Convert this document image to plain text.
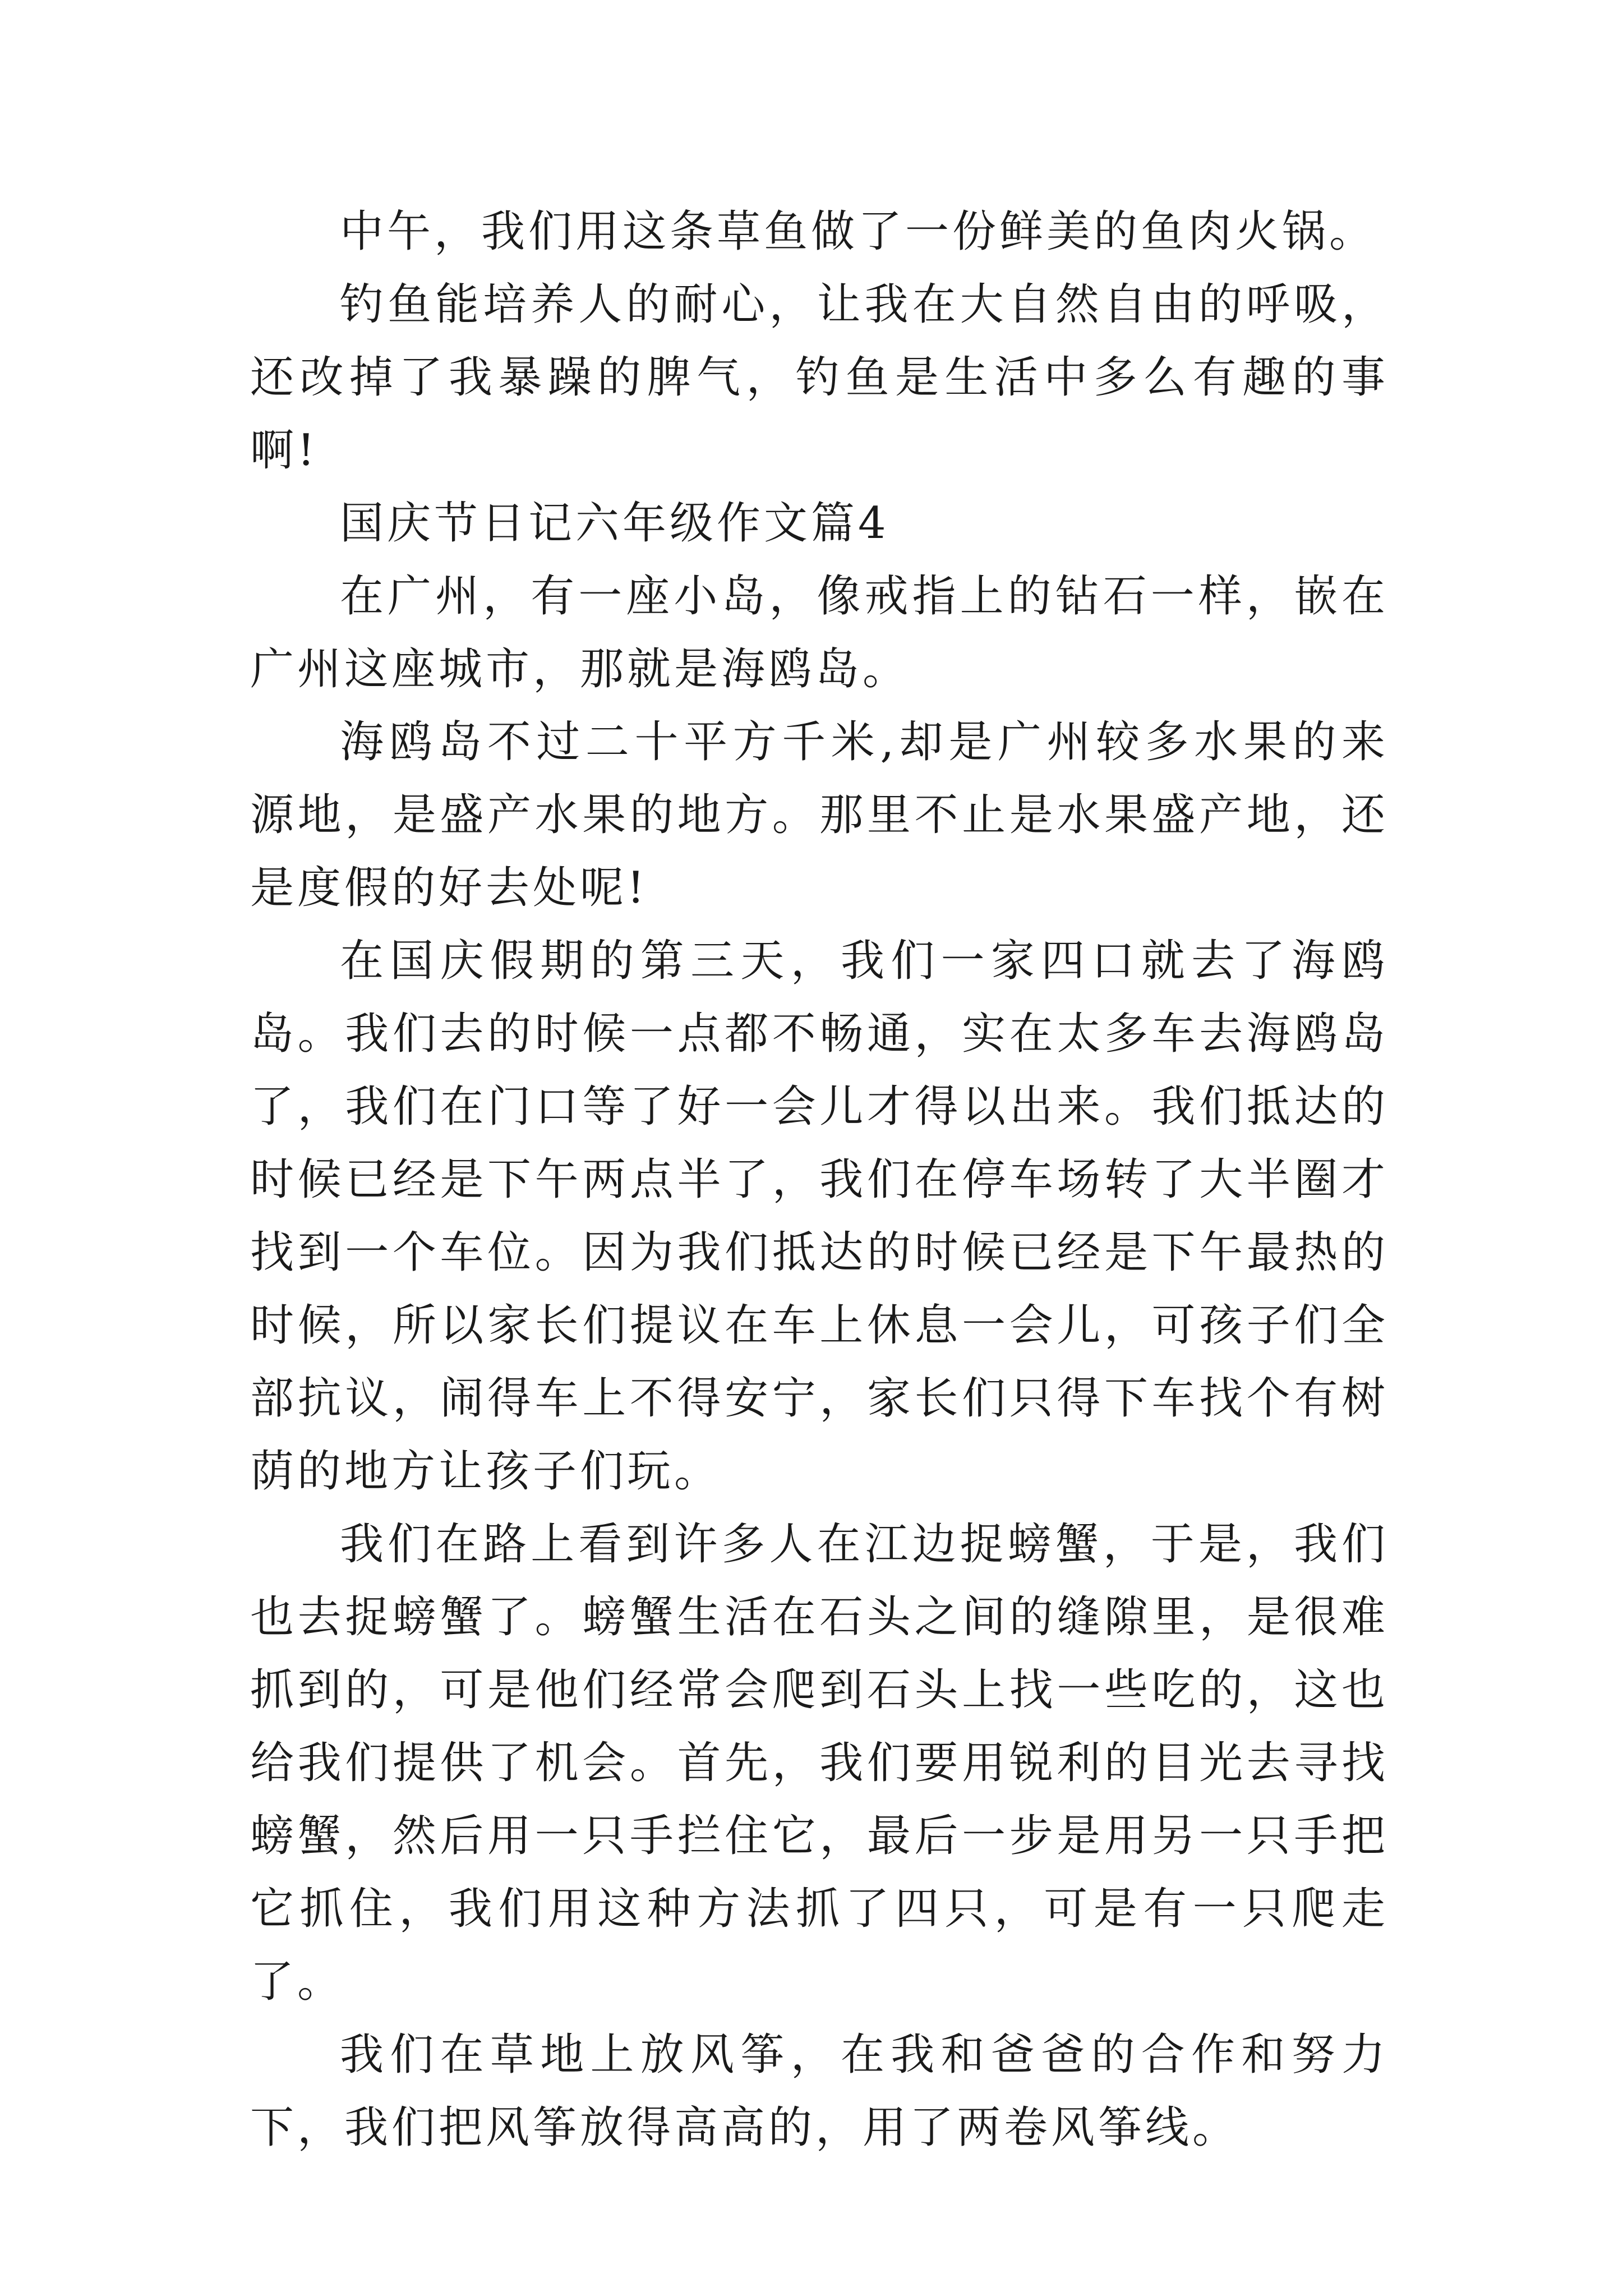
中午，我们用这条草鱼做了一份鲜美的鱼肉火锅。

钓鱼能培养人的耐心，让我在大自然自由的呼吸，还改掉了我暴躁的脾气，钓鱼是生活中多么有趣的事啊!

国庆节日记六年级作文篇4

在广州，有一座小岛，像戒指上的钻石一样，嵌在广州这座城市，那就是海鸥岛。

海鸥岛不过二十平方千米,却是广州较多水果的来源地，是盛产水果的地方。那里不止是水果盛产地，还是度假的好去处呢!

在国庆假期的第三天，我们一家四口就去了海鸥岛。我们去的时候一点都不畅通，实在太多车去海鸥岛了，我们在门口等了好一会儿才得以出来。我们抵达的时候已经是下午两点半了，我们在停车场转了大半圈才找到一个车位。因为我们抵达的时候已经是下午最热的时候，所以家长们提议在车上休息一会儿，可孩子们全部抗议，闹得车上不得安宁，家长们只得下车找个有树荫的地方让孩子们玩。

我们在路上看到许多人在江边捉螃蟹，于是，我们也去捉螃蟹了。螃蟹生活在石头之间的缝隙里，是很难抓到的，可是他们经常会爬到石头上找一些吃的，这也给我们提供了机会。首先，我们要用锐利的目光去寻找螃蟹，然后用一只手拦住它，最后一步是用另一只手把它抓住，我们用这种方法抓了四只，可是有一只爬走了。

我们在草地上放风筝，在我和爸爸的合作和努力下，我们把风筝放得高高的，用了两卷风筝线。
